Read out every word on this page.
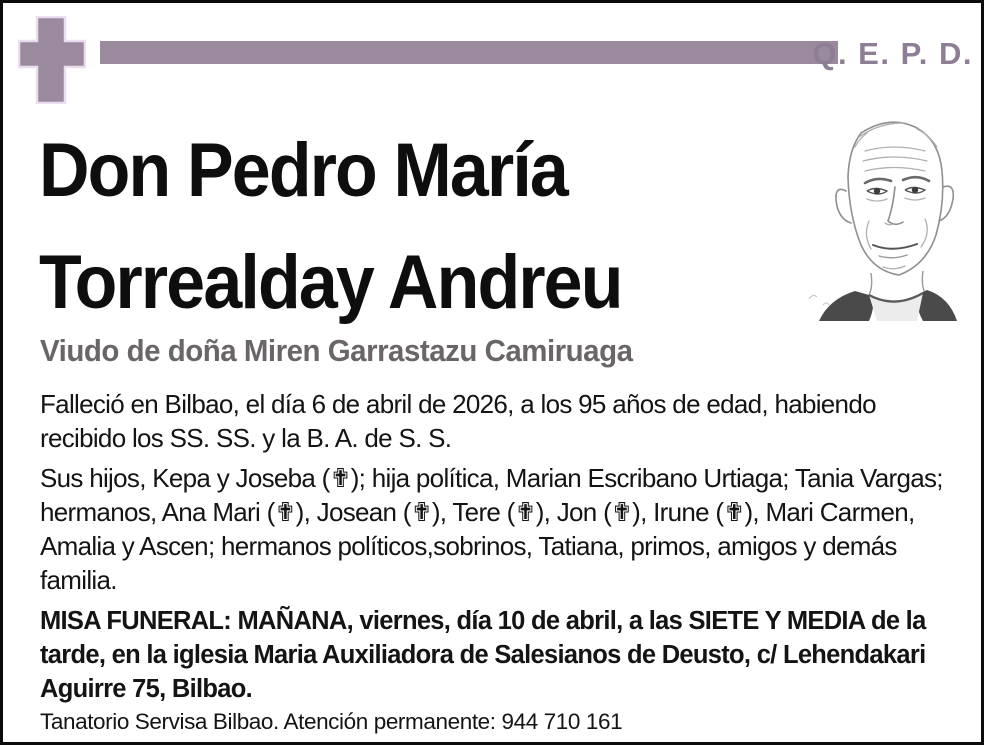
Q. E. P. D.
Don Pedro María
Torrealday Andreu
Viudo de doña Miren Garrastazu Camiruaga

Falleció en Bilbao, el día 6 de abril de 2026, a los 95 años de edad, habiendo recibido los SS. SS. y la B. A. de S. S.

Sus hijos, Kepa y Joseba (✟); hija política, Marian Escribano Urtiaga; Tania Vargas; hermanos, Ana Mari (✟), Josean (✟), Tere (✟), Jon (✟), Irune (✟), Mari Carmen, Amalia y Ascen; hermanos políticos,sobrinos, Tatiana, primos, amigos y demás familia.

MISA FUNERAL: MAÑANA, viernes, día 10 de abril, a las SIETE Y MEDIA de la tarde, en la iglesia Maria Auxiliadora de Salesianos de Deusto, c/ Lehendakari Aguirre 75, Bilbao.

Tanatorio Servisa Bilbao. Atención permanente: 944 710 161
